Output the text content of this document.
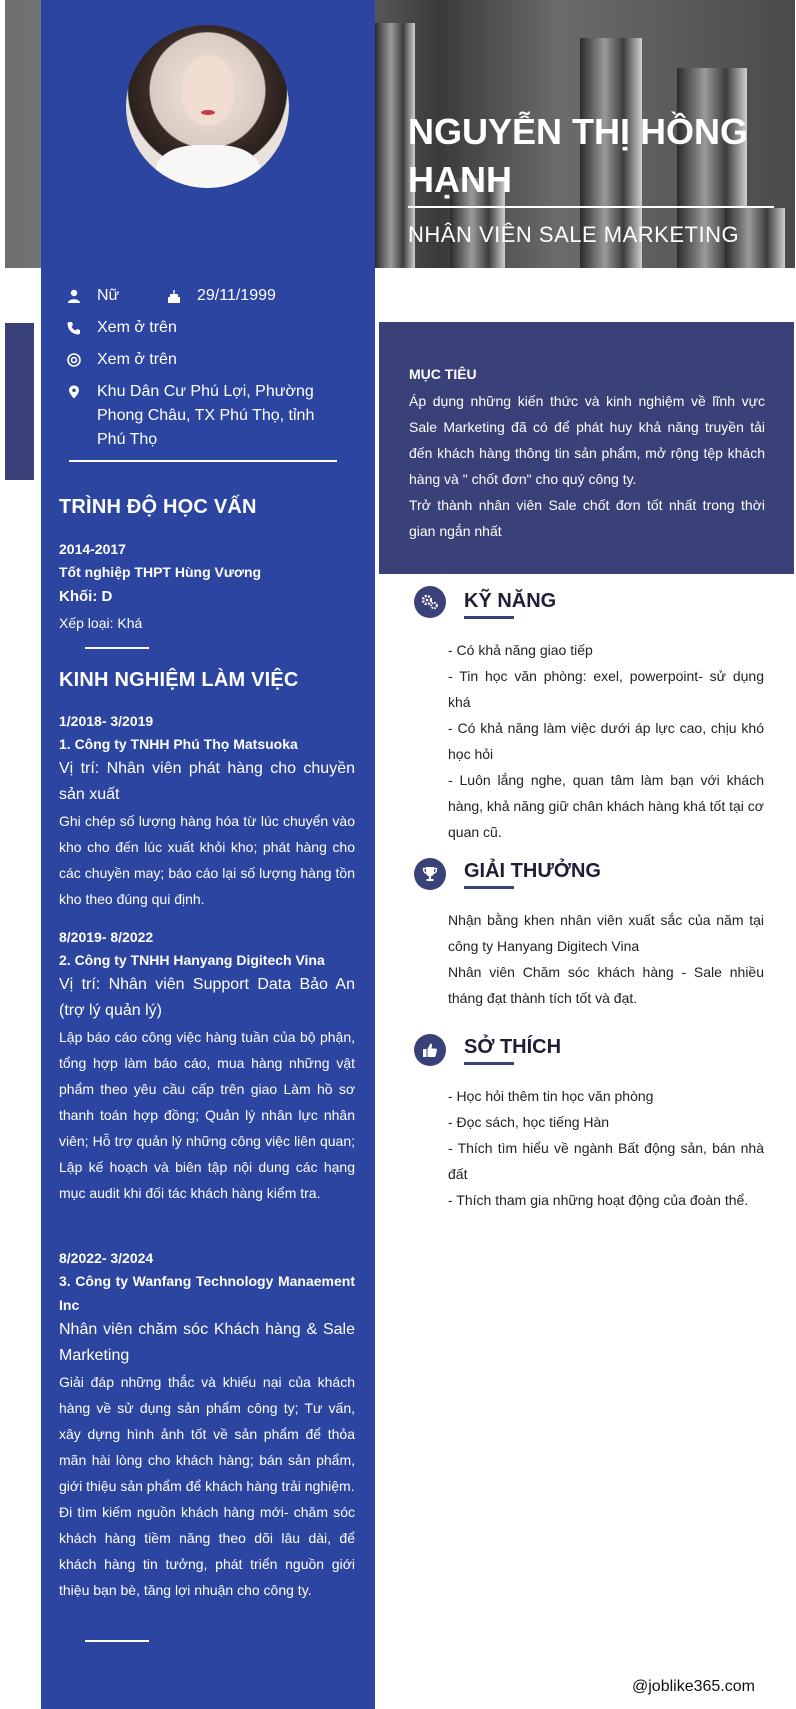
Nữ	29/11/1999
Xem ở trên
Xem ở trên
Khu Dân Cư Phú Lợi, Phường Phong Châu, TX Phú Thọ, tỉnh Phú Thọ
TRÌNH ĐỘ HỌC VẤN
2014-2017
Tốt nghiệp THPT Hùng Vương
Khối: D
Xếp loại: Khá
KINH NGHIỆM LÀM VIỆC
1/2018- 3/2019
1. Công ty TNHH Phú Thọ Matsuoka
Vị trí: Nhân viên phát hàng cho chuyền sản xuất
Ghi chép số lượng hàng hóa từ lúc chuyển vào kho cho đến lúc xuất khỏi kho; phát hàng cho các chuyền may; báo cáo lại số lượng hàng tồn kho theo đúng qui định.
8/2019- 8/2022
2. Công ty TNHH Hanyang Digitech Vina
Vị trí: Nhân viên Support Data Bảo An (trợ lý quản lý)
Lập báo cáo công việc hàng tuần của bộ phận, tổng hợp làm báo cáo, mua hàng những vật phẩm theo yêu cầu cấp trên giao Làm hồ sơ thanh toán hợp đồng; Quản lý nhân lực nhân viên; Hỗ trợ quản lý những công việc liên quan; Lập kế hoạch và biên tập nội dung các hạng mục audit khi đối tác khách hàng kiểm tra.
8/2022- 3/2024
3. Công ty Wanfang Technology Manaement Inc
Nhân viên chăm sóc Khách hàng & Sale Marketing
Giải đáp những thắc và khiếu nại của khách hàng về sử dụng sản phẩm công ty; Tư vấn, xây dựng hình ảnh tốt về sản phẩm để thỏa mãn hài lòng cho khách hàng; bán sản phẩm, giới thiệu sản phẩm để khách hàng trải nghiệm.
Đi tìm kiếm nguồn khách hàng mới- chăm sóc khách hàng tiềm năng theo dõi lâu dài, để khách hàng tin tưởng, phát triển nguồn giới thiệu bạn bè, tăng lợi nhuận cho công ty.
NGUYỄN THỊ HỒNG HẠNH
NHÂN VIÊN SALE MARKETING
MỤC TIÊU
Áp dụng những kiến thức và kinh nghiệm về lĩnh vực Sale Marketing đã có để phát huy khả năng truyền tải đến khách hàng thông tin sản phẩm, mở rộng tệp khách hàng và " chốt đơn" cho quý công ty.
Trở thành nhân viên Sale chốt đơn tốt nhất trong thời gian ngắn nhất
KỸ NĂNG
- Có khả năng giao tiếp
- Tin học văn phòng: exel, powerpoint- sử dụng khá
- Có khả năng làm việc dưới áp lực cao, chịu khó học hỏi
- Luôn lắng nghe, quan tâm làm bạn với khách hàng, khả năng giữ chân khách hàng khá tốt tại cơ quan cũ.
GIẢI THƯỞNG
Nhận bằng khen nhân viên xuất sắc của năm tại công ty Hanyang Digitech Vina
Nhân viên Chăm sóc khách hàng - Sale nhiều tháng đạt thành tích tốt và đạt.
SỞ THÍCH
- Học hỏi thêm tin học văn phòng
- Đọc sách, học tiếng Hàn
- Thích tìm hiểu về ngành Bất động sản, bán nhà đất
- Thích tham gia những hoạt động của đoàn thể.
@joblike365.com
